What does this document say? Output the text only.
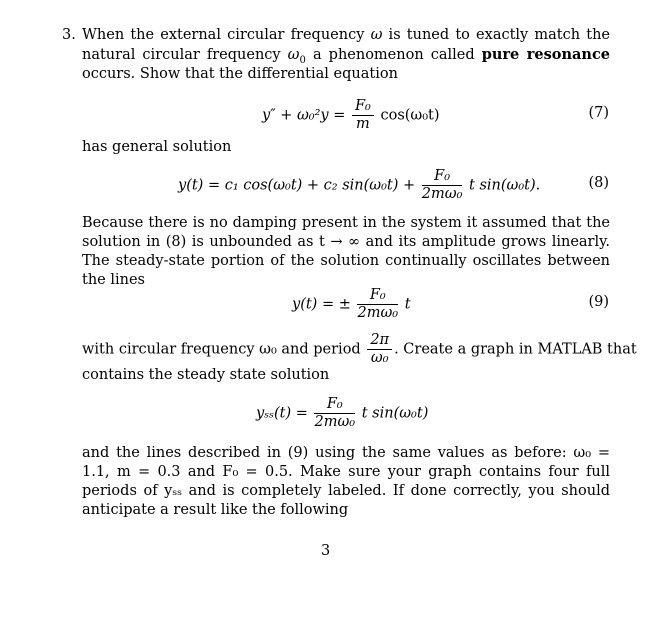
3. When the external circular frequency ω is tuned to exactly match the natural circular frequency $\omega_0$ a phenomenon called pure resonance occurs. Show that the differential equation

$y'' + \omega_0^2y = \frac{\text{F₀}}{m} \cos(\omega_0t)$	(7)

has general solution

y(t) = c₁ cos(ω₀t) + c₂ $\sin(\omega_0t) + \frac{\text{F₀}}{\text{2mω₀}}$ t sin(ω₀t).	(8)

Because there is no damping present in the system it assumed that the solution in (8) is unbounded as t → ∞ and its amplitude grows linearly. The steady-state portion of the solution continually oscillates between the lines

y(t) = ± $\frac{\text{F₀}}{\text{2mω₀}}$ t	(9)
with circular frequency ω₀ and period $\frac{2\pi}{\text{ω₀}}$ . Create a graph in MATLAB that

contains the steady state solution

$y_{ss}(t) = \frac{\text{F₀}}{\text{2mω₀}}$ t sin(ω₀t)

and the lines described in (9) using the same values as before: ω₀ = 1.1, m = 0.3 and F₀ = 0.5. Make sure your graph contains four full periods of yₛₛ and is completely labeled. If done correctly, you should anticipate a result like the following

3
